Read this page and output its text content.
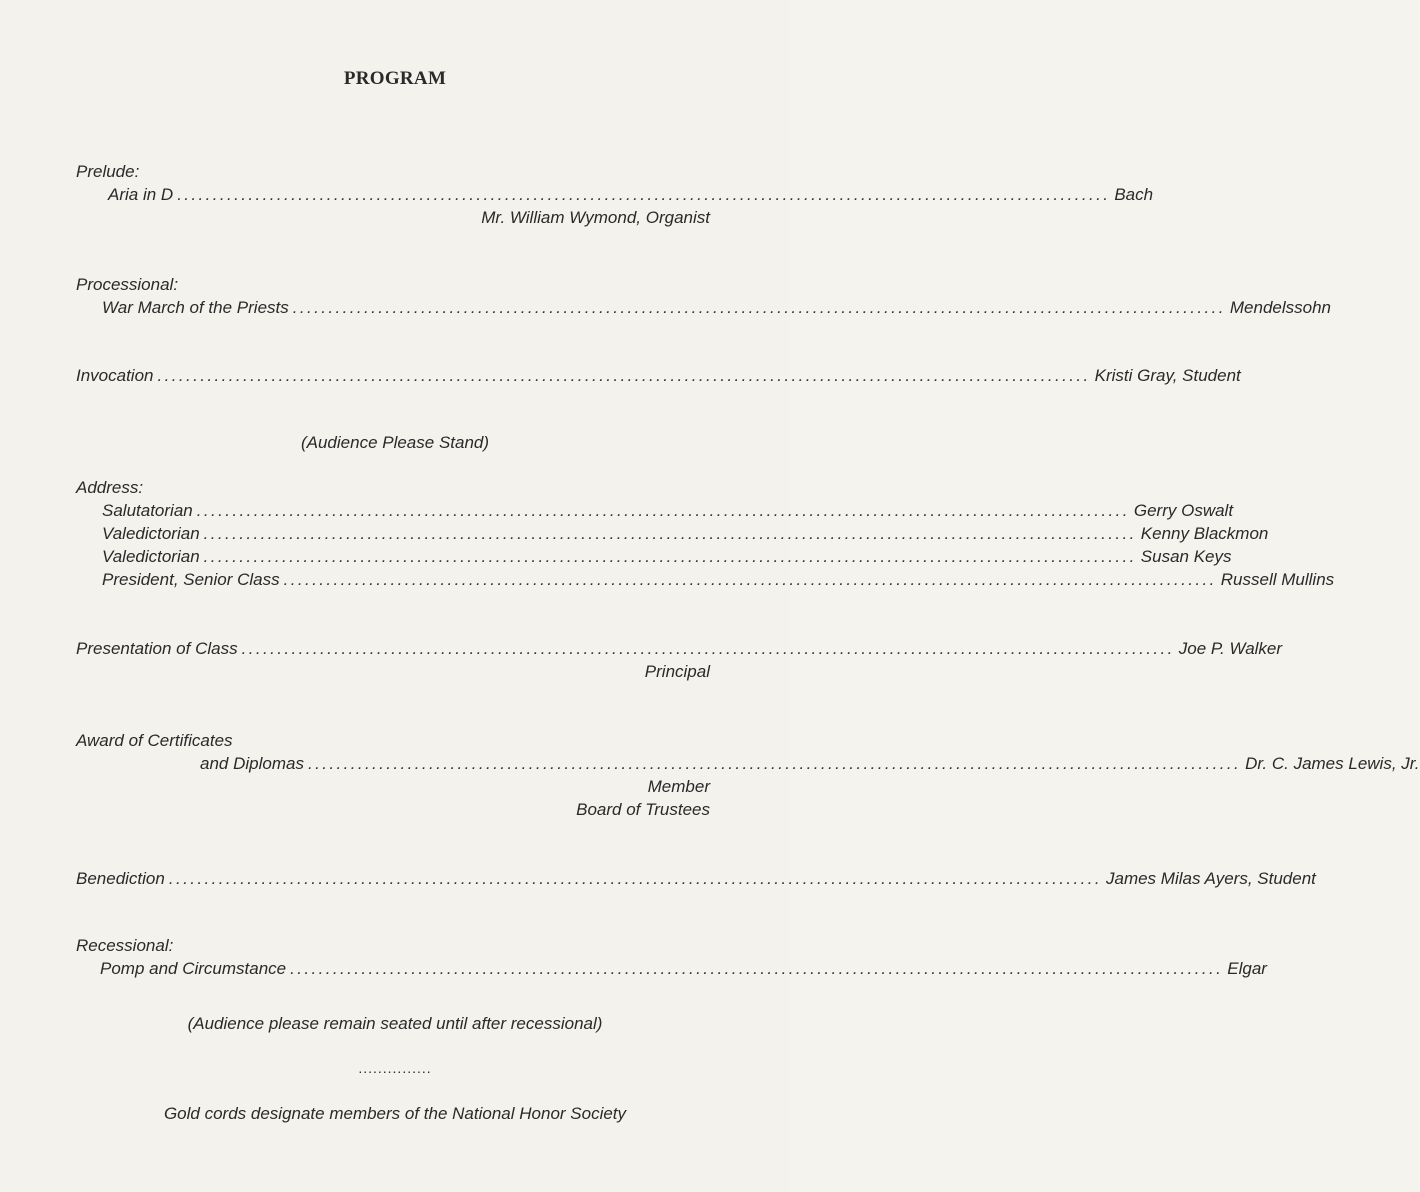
PROGRAM
Prelude:
Aria in D ................................................................................................................................... Bach
Mr. William Wymond, Organist
Processional:
War March of the Priests ................................................................................................................................... Mendelssohn
Invocation ................................................................................................................................... Kristi Gray, Student
(Audience Please Stand)
Address:
Salutatorian ................................................................................................................................... Gerry Oswalt
Valedictorian ................................................................................................................................... Kenny Blackmon
Valedictorian ................................................................................................................................... Susan Keys
President, Senior Class ................................................................................................................................... Russell Mullins
Presentation of Class ................................................................................................................................... Joe P. Walker
Principal
Award of Certificates
and Diplomas ................................................................................................................................... Dr. C. James Lewis, Jr.
Member
Board of Trustees
Benediction ................................................................................................................................... James Milas Ayers, Student
Recessional:
Pomp and Circumstance ................................................................................................................................... Elgar
(Audience please remain seated until after recessional)
...............
Gold cords designate members of the National Honor Society
